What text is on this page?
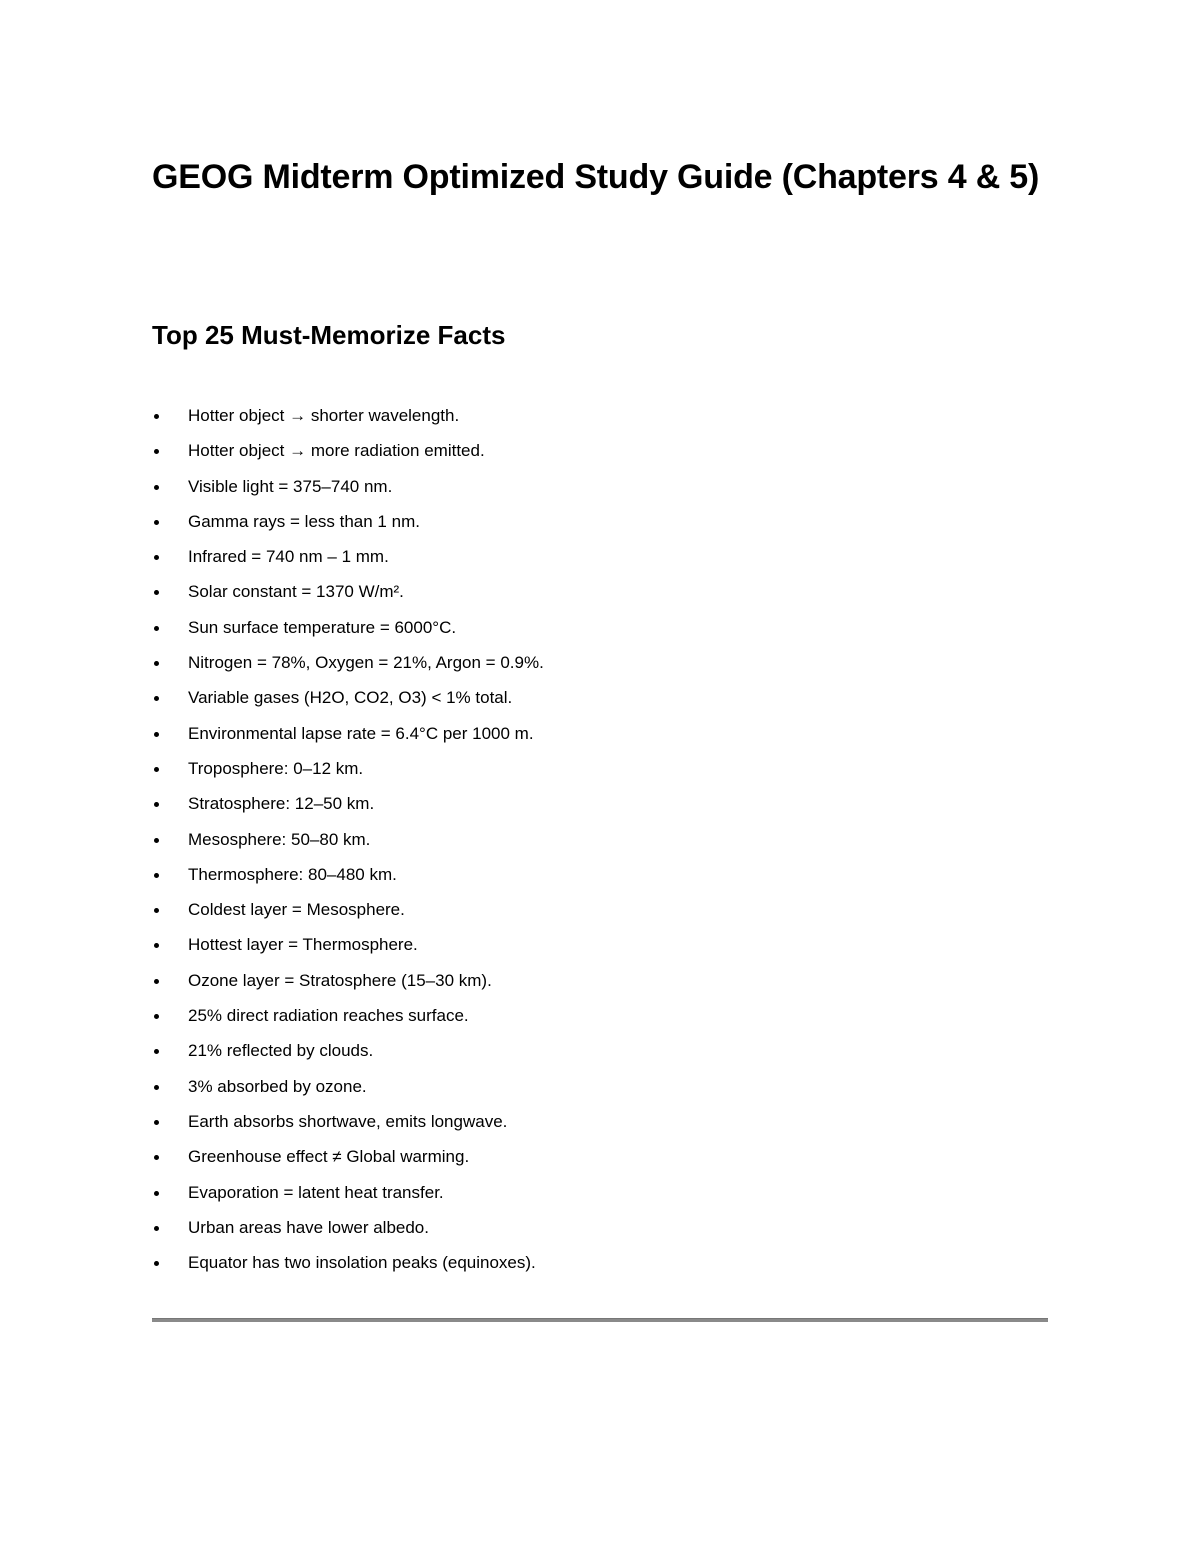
GEOG Midterm Optimized Study Guide (Chapters 4 & 5)
Top 25 Must-Memorize Facts
Hotter object → shorter wavelength.
Hotter object → more radiation emitted.
Visible light = 375–740 nm.
Gamma rays = less than 1 nm.
Infrared = 740 nm – 1 mm.
Solar constant = 1370 W/m².
Sun surface temperature = 6000°C.
Nitrogen = 78%, Oxygen = 21%, Argon = 0.9%.
Variable gases (H2O, CO2, O3) < 1% total.
Environmental lapse rate = 6.4°C per 1000 m.
Troposphere: 0–12 km.
Stratosphere: 12–50 km.
Mesosphere: 50–80 km.
Thermosphere: 80–480 km.
Coldest layer = Mesosphere.
Hottest layer = Thermosphere.
Ozone layer = Stratosphere (15–30 km).
25% direct radiation reaches surface.
21% reflected by clouds.
3% absorbed by ozone.
Earth absorbs shortwave, emits longwave.
Greenhouse effect ≠ Global warming.
Evaporation = latent heat transfer.
Urban areas have lower albedo.
Equator has two insolation peaks (equinoxes).
